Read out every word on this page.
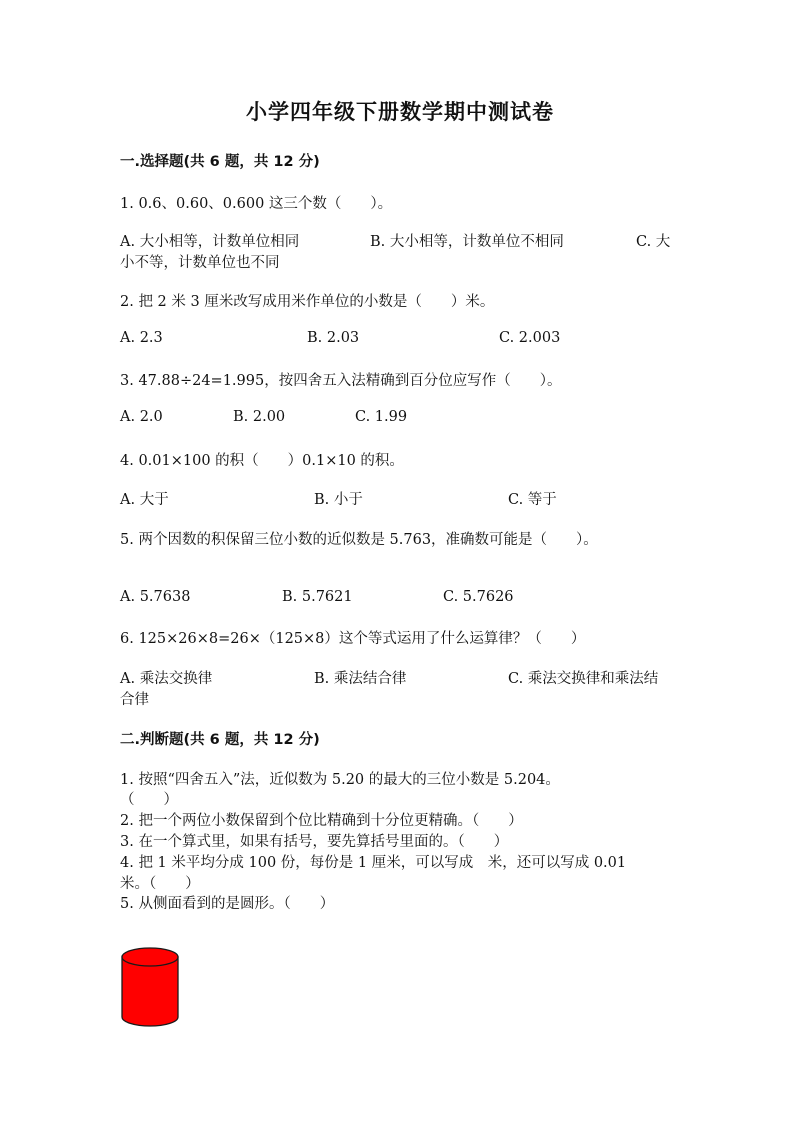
小学四年级下册数学期中测试卷
一.选择题(共 6 题，共 12 分)
1. 0.6、0.60、0.600 这三个数（　　）。
A. 大小相等，计数单位相同	B. 大小相等，计数单位不相同	C. 大
小不等，计数单位也不同
2. 把 2 米 3 厘米改写成用米作单位的小数是（　　）米。
A. 2.3	B. 2.03	C. 2.003
3. 47.88÷24=1.995，按四舍五入法精确到百分位应写作（　　）。
A. 2.0	B. 2.00	C. 1.99
4. 0.01×100 的积（　　）0.1×10 的积。
A. 大于	B. 小于	C. 等于
5. 两个因数的积保留三位小数的近似数是 5.763，准确数可能是（　　）。
A. 5.7638	B. 5.7621	C. 5.7626
6. 125×26×8=26×（125×8）这个等式运用了什么运算律？（　　）
A. 乘法交换律	B. 乘法结合律	C. 乘法交换律和乘法结
合律
二.判断题(共 6 题，共 12 分)
1. 按照“四舍五入”法，近似数为 5.20 的最大的三位小数是 5.204。
（　　）
2. 把一个两位小数保留到个位比精确到十分位更精确。（　　）
3. 在一个算式里，如果有括号，要先算括号里面的。（　　）
4. 把 1 米平均分成 100 份，每份是 1 厘米，可以写成　米，还可以写成 0.01
米。（　　）
5. 从侧面看到的是圆形。（　　）
